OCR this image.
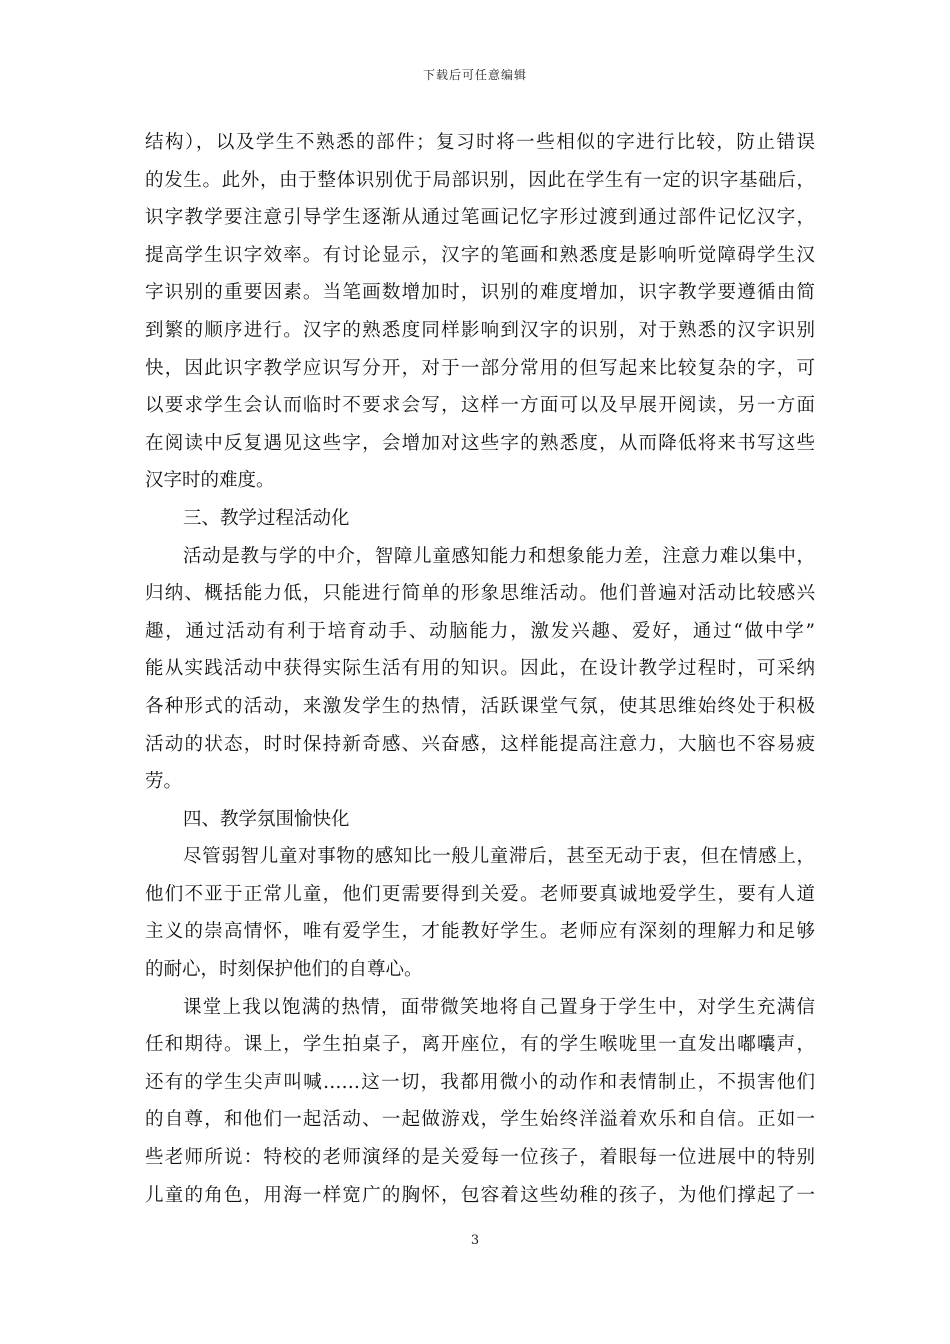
下载后可任意编辑
结构），以及学生不熟悉的部件；复习时将一些相似的字进行比较，防止错误
的发生。此外，由于整体识别优于局部识别，因此在学生有一定的识字基础后，
识字教学要注意引导学生逐渐从通过笔画记忆字形过渡到通过部件记忆汉字，
提高学生识字效率。有讨论显示，汉字的笔画和熟悉度是影响听觉障碍学生汉
字识别的重要因素。当笔画数增加时，识别的难度增加，识字教学要遵循由简
到繁的顺序进行。汉字的熟悉度同样影响到汉字的识别，对于熟悉的汉字识别
快，因此识字教学应识写分开，对于一部分常用的但写起来比较复杂的字，可
以要求学生会认而临时不要求会写，这样一方面可以及早展开阅读，另一方面
在阅读中反复遇见这些字，会增加对这些字的熟悉度，从而降低将来书写这些
汉字时的难度。
三、教学过程活动化
活动是教与学的中介，智障儿童感知能力和想象能力差，注意力难以集中，
归纳、概括能力低，只能进行简单的形象思维活动。他们普遍对活动比较感兴
趣，通过活动有利于培育动手、动脑能力，激发兴趣、爱好，通过“做中学”
能从实践活动中获得实际生活有用的知识。因此，在设计教学过程时，可采纳
各种形式的活动，来激发学生的热情，活跃课堂气氛，使其思维始终处于积极
活动的状态，时时保持新奇感、兴奋感，这样能提高注意力，大脑也不容易疲
劳。
四、教学氛围愉快化
尽管弱智儿童对事物的感知比一般儿童滞后，甚至无动于衷，但在情感上，
他们不亚于正常儿童，他们更需要得到关爱。老师要真诚地爱学生，要有人道
主义的崇高情怀，唯有爱学生，才能教好学生。老师应有深刻的理解力和足够
的耐心，时刻保护他们的自尊心。
课堂上我以饱满的热情，面带微笑地将自己置身于学生中，对学生充满信
任和期待。课上，学生拍桌子，离开座位，有的学生喉咙里一直发出嘟囔声，
还有的学生尖声叫喊……这一切，我都用微小的动作和表情制止，不损害他们
的自尊，和他们一起活动、一起做游戏，学生始终洋溢着欢乐和自信。正如一
些老师所说：特校的老师演绎的是关爱每一位孩子，着眼每一位进展中的特别
儿童的角色，用海一样宽广的胸怀，包容着这些幼稚的孩子，为他们撑起了一
3
